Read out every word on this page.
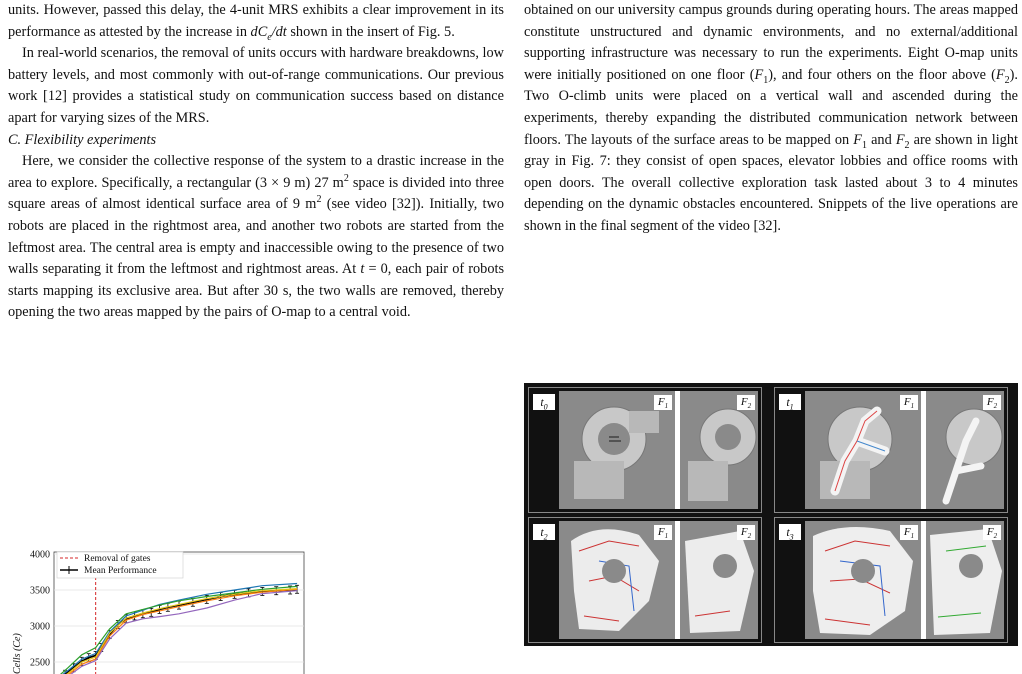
units. However, passed this delay, the 4-unit MRS exhibits a clear improvement in its performance as attested by the increase in $dC_e/dt$ shown in the insert of Fig. 5.

In real-world scenarios, the removal of units occurs with hardware breakdowns, low battery levels, and most commonly with out-of-range communications. Our previous work [12] provides a statistical study on communication success based on distance apart for varying sizes of the MRS.

C. Flexibility experiments

Here, we consider the collective response of the system to a drastic increase in the area to explore. Specifically, a rectangular (3 × 9 m) 27 $m^2$ space is divided into three square areas of almost identical surface area of 9 $m^2$ (see video [32]). Initially, two robots are placed in the rightmost area, and another two robots are started from the leftmost area. The central area is empty and inaccessible owing to the presence of two walls separating it from the leftmost and rightmost areas. At t = 0, each pair of robots starts mapping its exclusive area. But after 30 s, the two walls are removed, thereby opening the two areas mapped by the pairs of O-map to a central void.

4000
3500
3000
2500
Cells (Ce)
Removal of gates
Mean Performance

obtained on our university campus grounds during operating hours. The areas mapped constitute unstructured and dynamic environments, and no external/additional supporting infrastructure was necessary to run the experiments. Eight O-map units were initially positioned on one floor $(F_1)$, and four others on the floor above $(F_2)$. Two O-climb units were placed on a vertical wall and ascended during the experiments, thereby expanding the distributed communication network between floors. The layouts of the surface areas to be mapped on $F_1$ and $F_2$ are shown in light gray in Fig. 7: they consist of open spaces, elevator lobbies and office rooms with open doors. The overall collective exploration task lasted about 3 to 4 minutes depending on the dynamic obstacles encountered. Snippets of the live operations are shown in the final segment of the video [32].

$t_0$	$F_1$	$F_2$	$t_1$	$F_1$	$F_2$
$t_2$	$F_1$	$F_2$	$t_3$	$F_1$	$F_2$
